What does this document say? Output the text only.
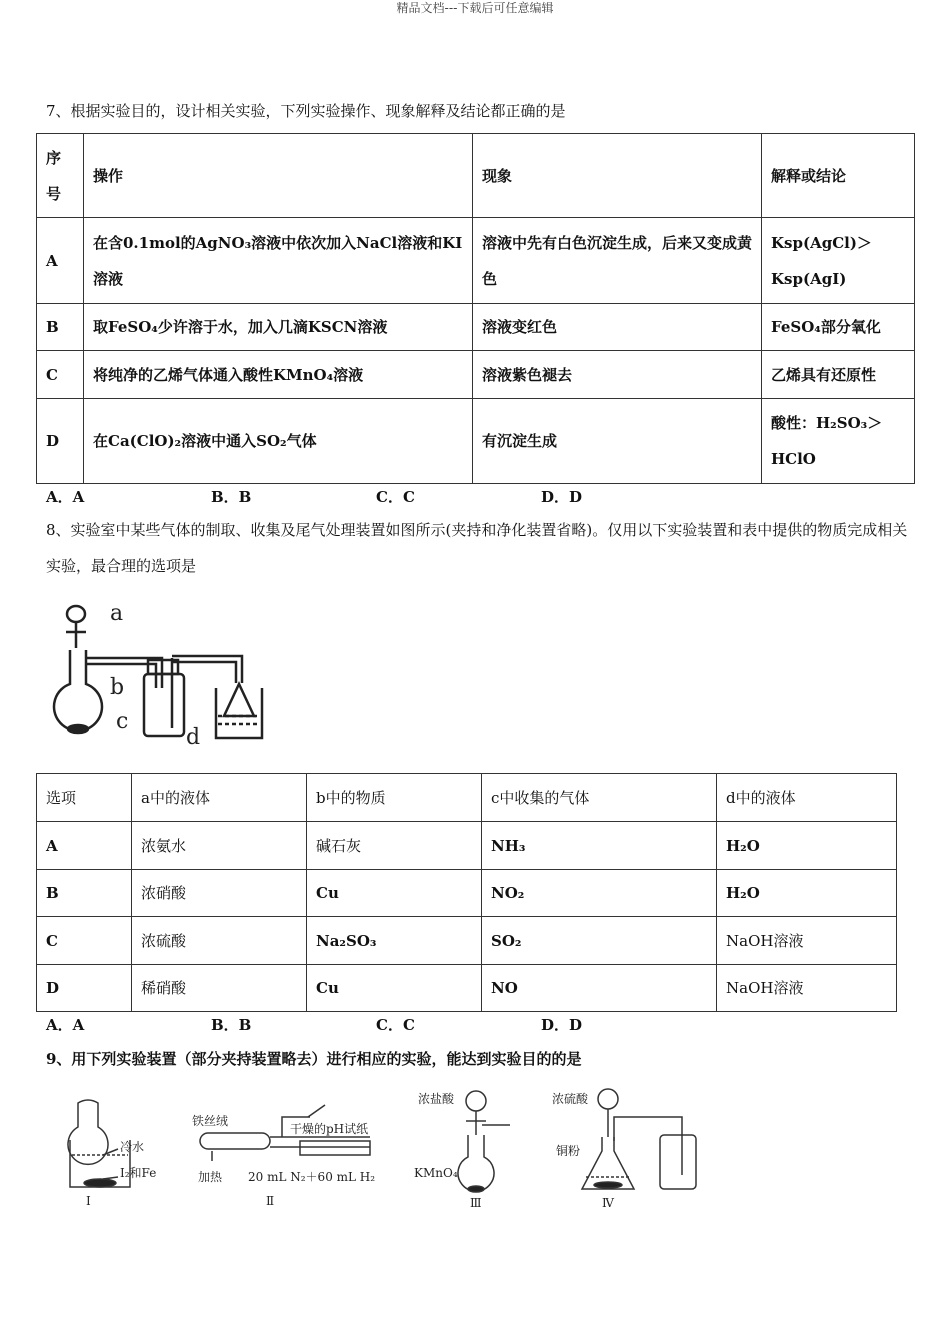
精品文档---下载后可任意编辑
7、根据实验目的，设计相关实验，下列实验操作、现象解释及结论都正确的是
序号	操作	现象	解释或结论
A	在含0.1mol的AgNO₃溶液中依次加入NaCl溶液和KI溶液	溶液中先有白色沉淀生成，后来又变成黄色	Ksp(AgCl)＞Ksp(AgI)
B	取FeSO₄少许溶于水，加入几滴KSCN溶液	溶液变红色	FeSO₄部分氧化
C	将纯净的乙烯气体通入酸性KMnO₄溶液	溶液紫色褪去	乙烯具有还原性
D	在Ca(ClO)₂溶液中通入SO₂气体	有沉淀生成	酸性：H₂SO₃＞HClO
A．A	B．B	C．C	D．D
8、实验室中某些气体的制取、收集及尾气处理装置如图所示(夹持和净化装置省略)。仅用以下实验装置和表中提供的物质完成相关实验，最合理的选项是
a
b
c
d
选项	a中的液体	b中的物质	c中收集的气体	d中的液体
A	浓氨水	碱石灰	NH₃	H₂O
B	浓硝酸	Cu	NO₂	H₂O
C	浓硫酸	Na₂SO₃	SO₂	NaOH溶液
D	稀硝酸	Cu	NO	NaOH溶液
A．A	B．B	C．C	D．D
9、用下列实验装置（部分夹持装置略去）进行相应的实验，能达到实验目的的是
冷水
I₂和Fe
Ⅰ
铁丝绒
干燥的pH试纸
加热 20 mL N₂＋60 mL H₂
Ⅱ
浓盐酸
KMnO₄
Ⅲ
浓硫酸
铜粉
Ⅳ
